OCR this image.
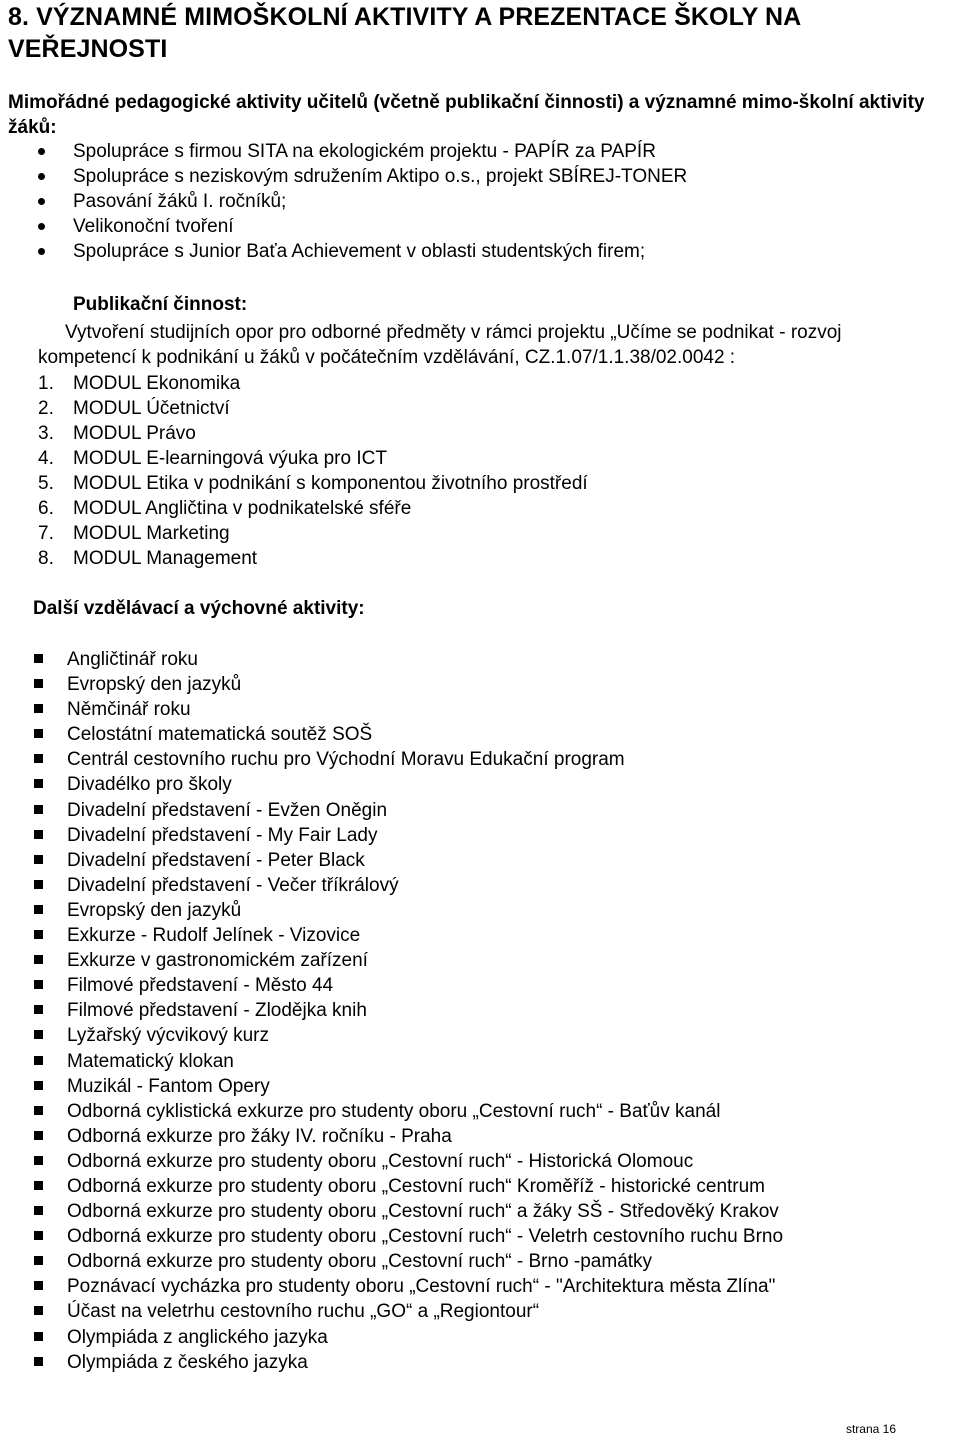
8. VÝZNAMNÉ MIMOŠKOLNÍ AKTIVITY A PREZENTACE ŠKOLY NA VEŘEJNOSTI

Mimořádné pedagogické aktivity učitelů (včetně publikační činnosti) a významné mimo-školní aktivity žáků:

Spolupráce s firmou SITA na ekologickém projektu - PAPÍR za PAPÍR
Spolupráce s neziskovým sdružením Aktipo o.s., projekt SBÍREJ-TONER
Pasování žáků I. ročníků;
Velikonoční tvoření
Spolupráce s Junior Baťa Achievement v oblasti studentských firem;

Publikační činnost:

Vytvoření studijních opor pro odborné předměty v rámci projektu „Učíme se podnikat - rozvoj kompetencí k podnikání u žáků v počátečním vzdělávání, CZ.1.07/1.1.38/02.0042 :

1. MODUL Ekonomika
2. MODUL Účetnictví
3. MODUL Právo
4. MODUL E-learningová výuka pro ICT
5. MODUL Etika v podnikání s komponentou životního prostředí
6. MODUL Angličtina v podnikatelské sféře
7. MODUL Marketing
8. MODUL Management

Další vzdělávací a výchovné aktivity:

Angličtinář roku
Evropský den jazyků
Němčinář roku
Celostátní matematická soutěž SOŠ
Centrál cestovního ruchu pro Východní Moravu Edukační program
Divadélko pro školy
Divadelní představení - Evžen Oněgin
Divadelní představení - My Fair Lady
Divadelní představení - Peter Black
Divadelní představení - Večer tříkrálový
Evropský den jazyků
Exkurze - Rudolf Jelínek - Vizovice
Exkurze v gastronomickém zařízení
Filmové představení - Město 44
Filmové představení - Zlodějka knih
Lyžařský výcvikový kurz
Matematický klokan
Muzikál - Fantom Opery
Odborná cyklistická exkurze pro studenty oboru „Cestovní ruch“ - Baťův kanál
Odborná exkurze pro žáky IV. ročníku - Praha
Odborná exkurze pro studenty oboru „Cestovní ruch“ - Historická Olomouc
Odborná exkurze pro studenty oboru „Cestovní ruch“ Kroměříž - historické centrum
Odborná exkurze pro studenty oboru „Cestovní ruch“ a žáky SŠ - Středověký Krakov
Odborná exkurze pro studenty oboru „Cestovní ruch“ - Veletrh cestovního ruchu Brno
Odborná exkurze pro studenty oboru „Cestovní ruch“ - Brno -památky
Poznávací vycházka pro studenty oboru „Cestovní ruch“ - "Architektura města Zlína"
Účast na veletrhu cestovního ruchu „GO“ a „Regiontour“
Olympiáda z anglického jazyka
Olympiáda z českého jazyka

strana 16
